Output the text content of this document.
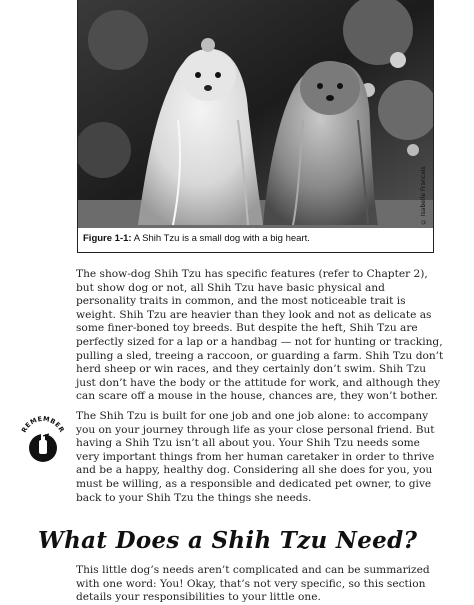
© Isabelle Francais
Figure 1-1: A Shih Tzu is a small dog with a big heart.

The show-dog Shih Tzu has specific features (refer to Chapter 2), but show dog or not, all Shih Tzu have basic physical and personality traits in common, and the most noticeable trait is weight. Shih Tzu are heavier than they look and not as delicate as some finer-boned toy breeds. But despite the heft, Shih Tzu are perfectly sized for a lap or a handbag — not for hunting or tracking, pulling a sled, treeing a raccoon, or guarding a farm. Shih Tzu don’t herd sheep or win races, and they certainly don’t swim. Shih Tzu just don’t have the body or the attitude for work, and although they can scare off a mouse in the house, chances are, they won’t bother.

REMEMBER

The Shih Tzu is built for one job and one job alone: to accompany you on your journey through life as your close personal friend. But having a Shih Tzu isn’t all about you. Your Shih Tzu needs some very important things from her human caretaker in order to thrive and be a happy, healthy dog. Considering all she does for you, you must be willing, as a responsible and dedicated pet owner, to give back to your Shih Tzu the things she needs.

What Does a Shih Tzu Need?

This little dog’s needs aren’t complicated and can be summarized with one word: You! Okay, that’s not very specific, so this section details your responsibilities to your little one.
